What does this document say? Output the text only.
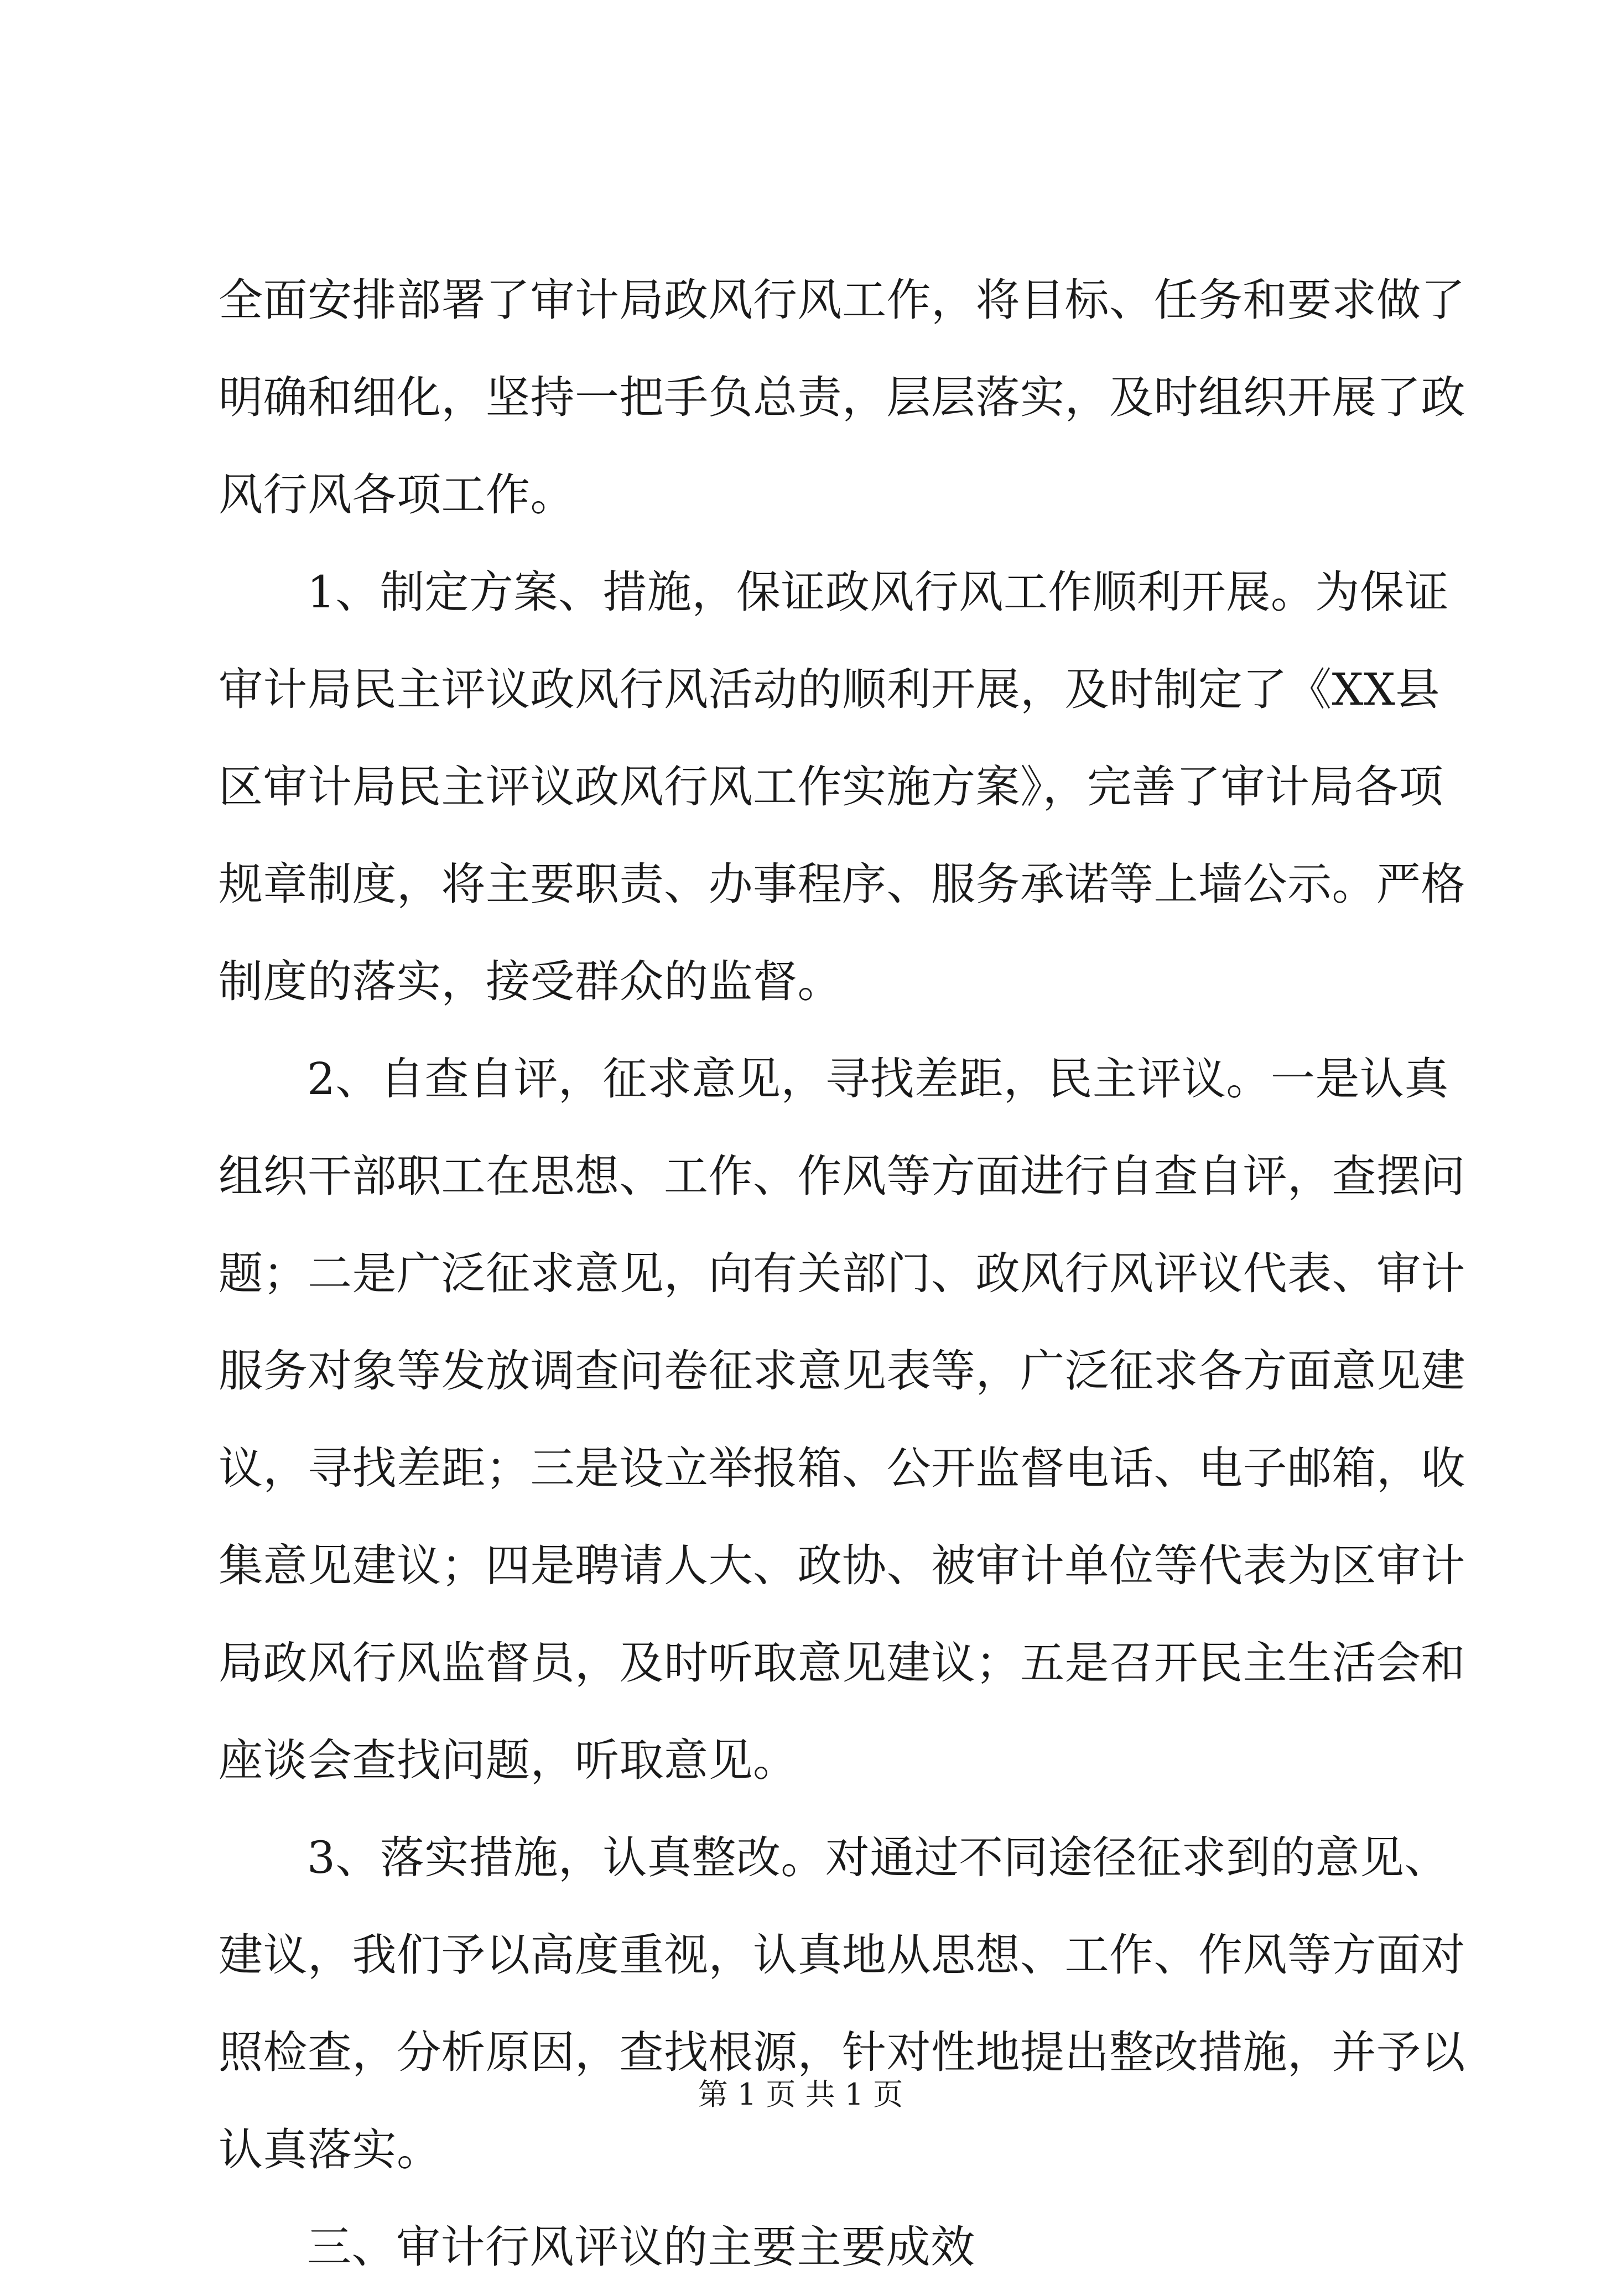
全面安排部署了审计局政风行风工作，将目标、任务和要求做了
明确和细化，坚持一把手负总责，层层落实，及时组织开展了政
风行风各项工作。
1、制定方案、措施，保证政风行风工作顺利开展。为保证
审计局民主评议政风行风活动的顺利开展，及时制定了《XX县
区审计局民主评议政风行风工作实施方案》，完善了审计局各项
规章制度，将主要职责、办事程序、服务承诺等上墙公示。严格
制度的落实，接受群众的监督。
2、自查自评，征求意见，寻找差距，民主评议。一是认真
组织干部职工在思想、工作、作风等方面进行自查自评，查摆问
题；二是广泛征求意见，向有关部门、政风行风评议代表、审计
服务对象等发放调查问卷征求意见表等，广泛征求各方面意见建
议，寻找差距；三是设立举报箱、公开监督电话、电子邮箱，收
集意见建议；四是聘请人大、政协、被审计单位等代表为区审计
局政风行风监督员，及时听取意见建议；五是召开民主生活会和
座谈会查找问题，听取意见。
3、落实措施，认真整改。对通过不同途径征求到的意见、
建议，我们予以高度重视，认真地从思想、工作、作风等方面对
照检查，分析原因，查找根源，针对性地提出整改措施，并予以
认真落实。
三、审计行风评议的主要主要成效
第 1 页 共 1 页
